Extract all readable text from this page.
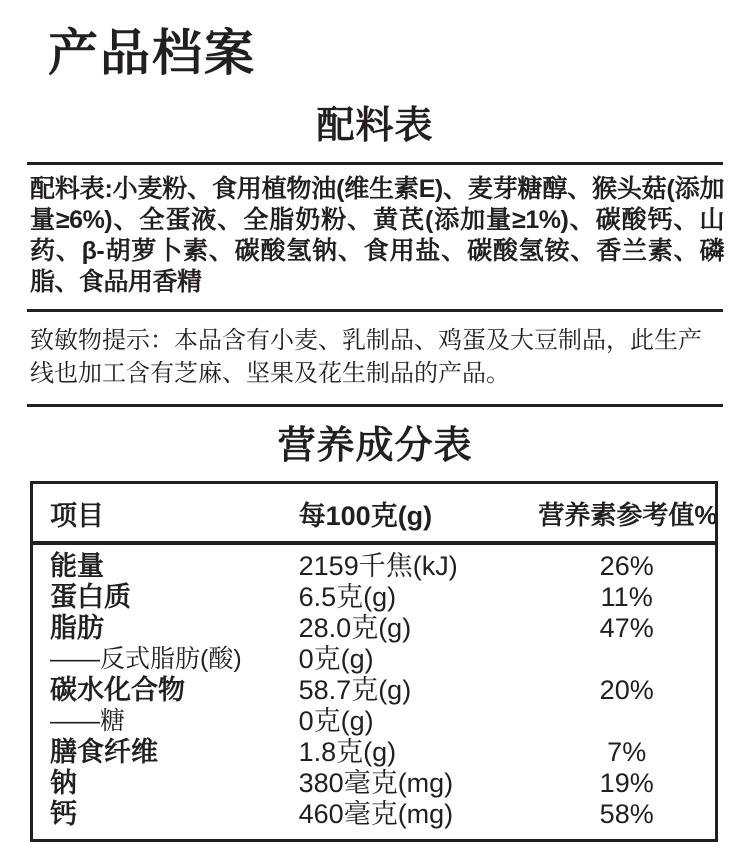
产品档案
配料表

配料表:小麦粉、食用植物油(维生素E)、麦芽糖醇、猴头菇(添加量≥6%)、全蛋液、全脂奶粉、黄芪(添加量≥1%)、碳酸钙、山药、β-胡萝卜素、碳酸氢钠、食用盐、碳酸氢铵、香兰素、磷脂、食品用香精

致敏物提示：本品含有小麦、乳制品、鸡蛋及大豆制品，此生产线也加工含有芝麻、坚果及花生制品的产品。

营养成分表
项目	每100克(g)	营养素参考值%
能量	2159千焦(kJ)	26%
蛋白质	6.5克(g)	11%
脂肪	28.0克(g)	47%
——反式脂肪(酸)	0克(g)	
碳水化合物	58.7克(g)	20%
——糖	0克(g)	
膳食纤维	1.8克(g)	7%
钠	380毫克(mg)	19%
钙	460毫克(mg)	58%
